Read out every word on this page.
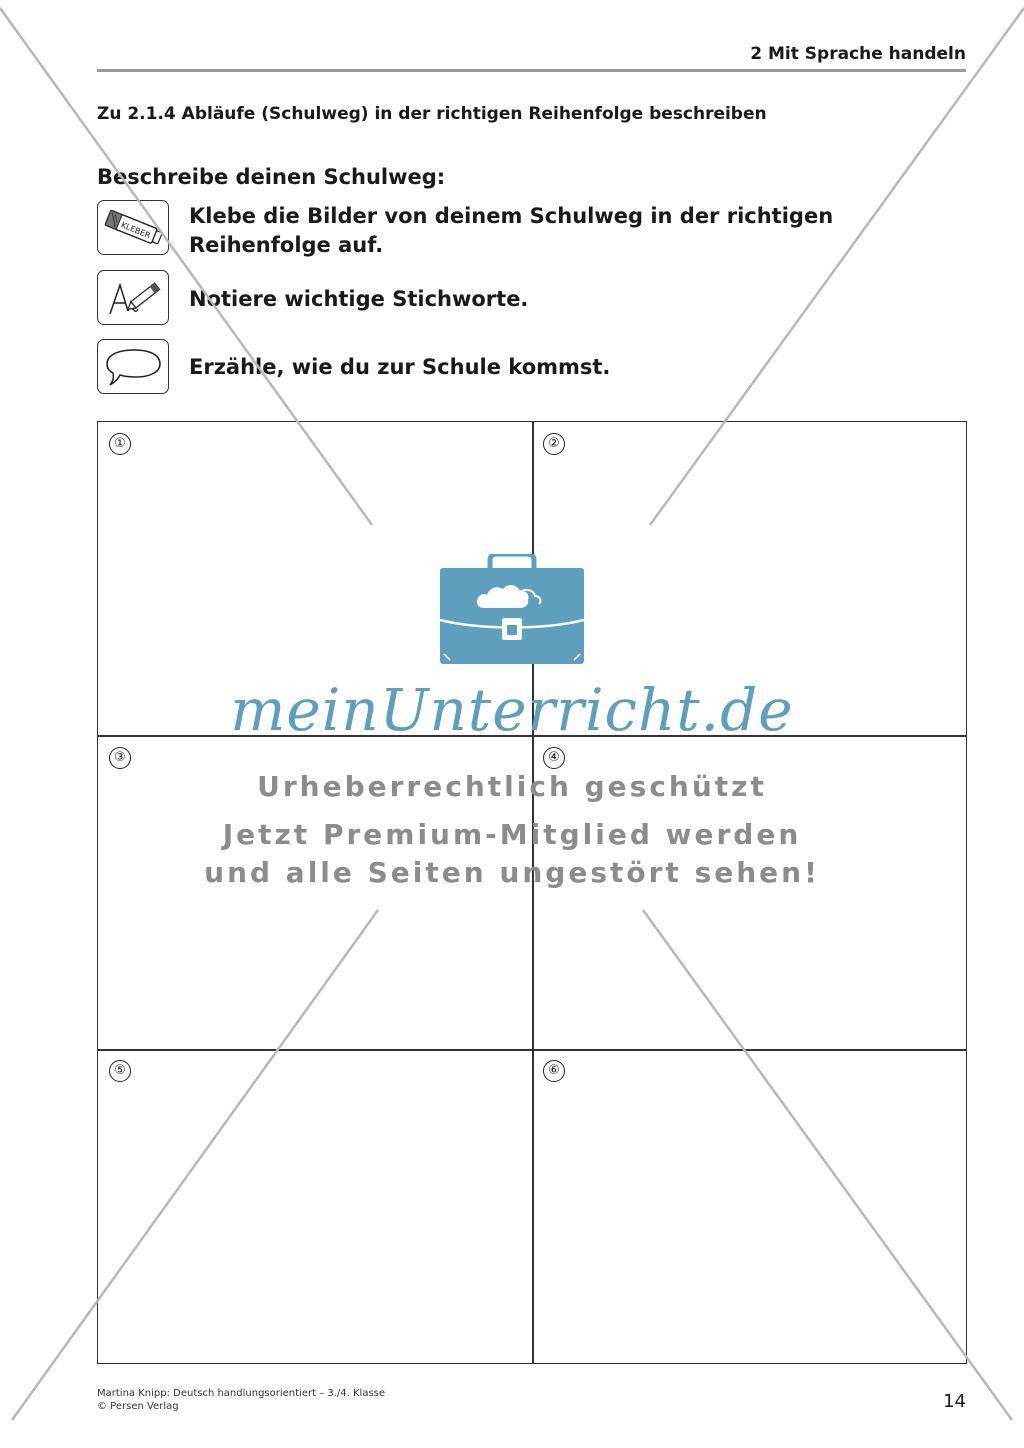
2 Mit Sprache handeln
Zu 2.1.4 Abläufe (Schulweg) in der richtigen Reihenfolge beschreiben
Beschreibe deinen Schulweg:
KLEBER
Klebe die Bilder von deinem Schulweg in der richtigen
Reihenfolge auf.
Notiere wichtige Stichworte.
Erzähle, wie du zur Schule kommst.
①	②
③	④
⑤	⑥
meinUnterricht.de
Urheberrechtlich geschützt
Jetzt Premium-Mitglied werden
und alle Seiten ungestört sehen!
Martina Knipp: Deutsch handlungsorientiert – 3./4. Klasse
© Persen Verlag	14
